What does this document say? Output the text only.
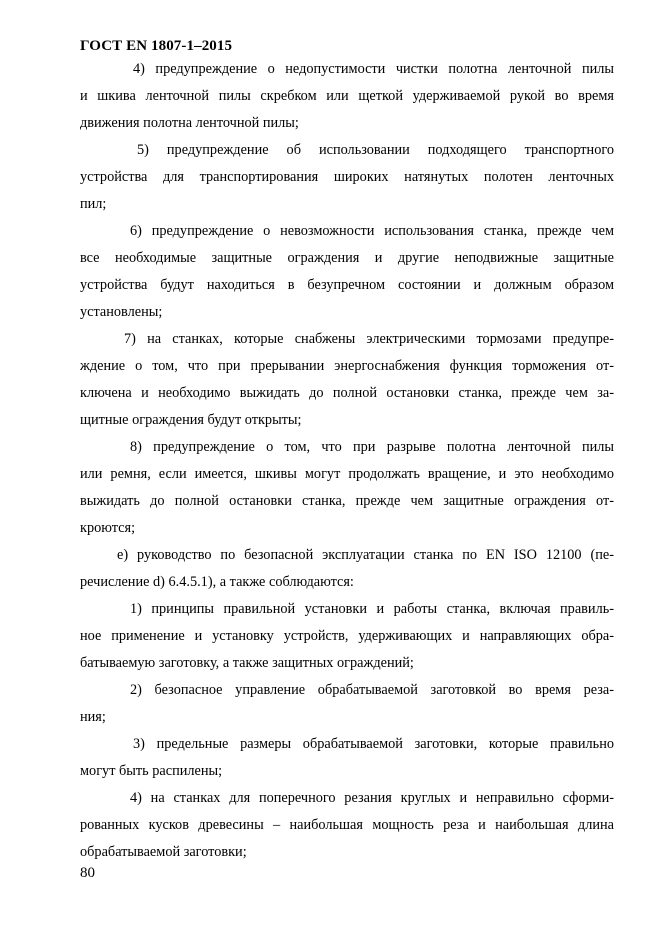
ГОСТ EN 1807-1–2015
4) предупреждение о недопустимости чистки полотна ленточной пилы
и шкива ленточной пилы скребком или щеткой удерживаемой рукой во время
движения полотна ленточной пилы;
5) предупреждение об использовании подходящего транспортного
устройства для транспортирования широких натянутых полотен ленточных
пил;
6) предупреждение о невозможности использования станка, прежде чем
все необходимые защитные ограждения и другие неподвижные защитные
устройства будут находиться в безупречном состоянии и должным образом
установлены;
7) на станках, которые снабжены электрическими тормозами предупре-
ждение о том, что при прерывании энергоснабжения функция торможения от-
ключена и необходимо выжидать до полной остановки станка, прежде чем за-
щитные ограждения будут открыты;
8) предупреждение о том, что при разрыве полотна ленточной пилы
или ремня, если имеется, шкивы могут продолжать вращение, и это необходимо
выжидать до полной остановки станка, прежде чем защитные ограждения от-
кроются;
е) руководство по безопасной эксплуатации станка по EN ISO 12100 (пе-
речисление d) 6.4.5.1), а также соблюдаются:
1) принципы правильной установки и работы станка, включая правиль-
ное применение и установку устройств, удерживающих и направляющих обра-
батываемую заготовку, а также защитных ограждений;
2) безопасное управление обрабатываемой заготовкой во время реза-
ния;
3) предельные размеры обрабатываемой заготовки, которые правильно
могут быть распилены;
4) на станках для поперечного резания круглых и неправильно сформи-
рованных кусков древесины – наибольшая мощность реза и наибольшая длина
обрабатываемой заготовки;
80
